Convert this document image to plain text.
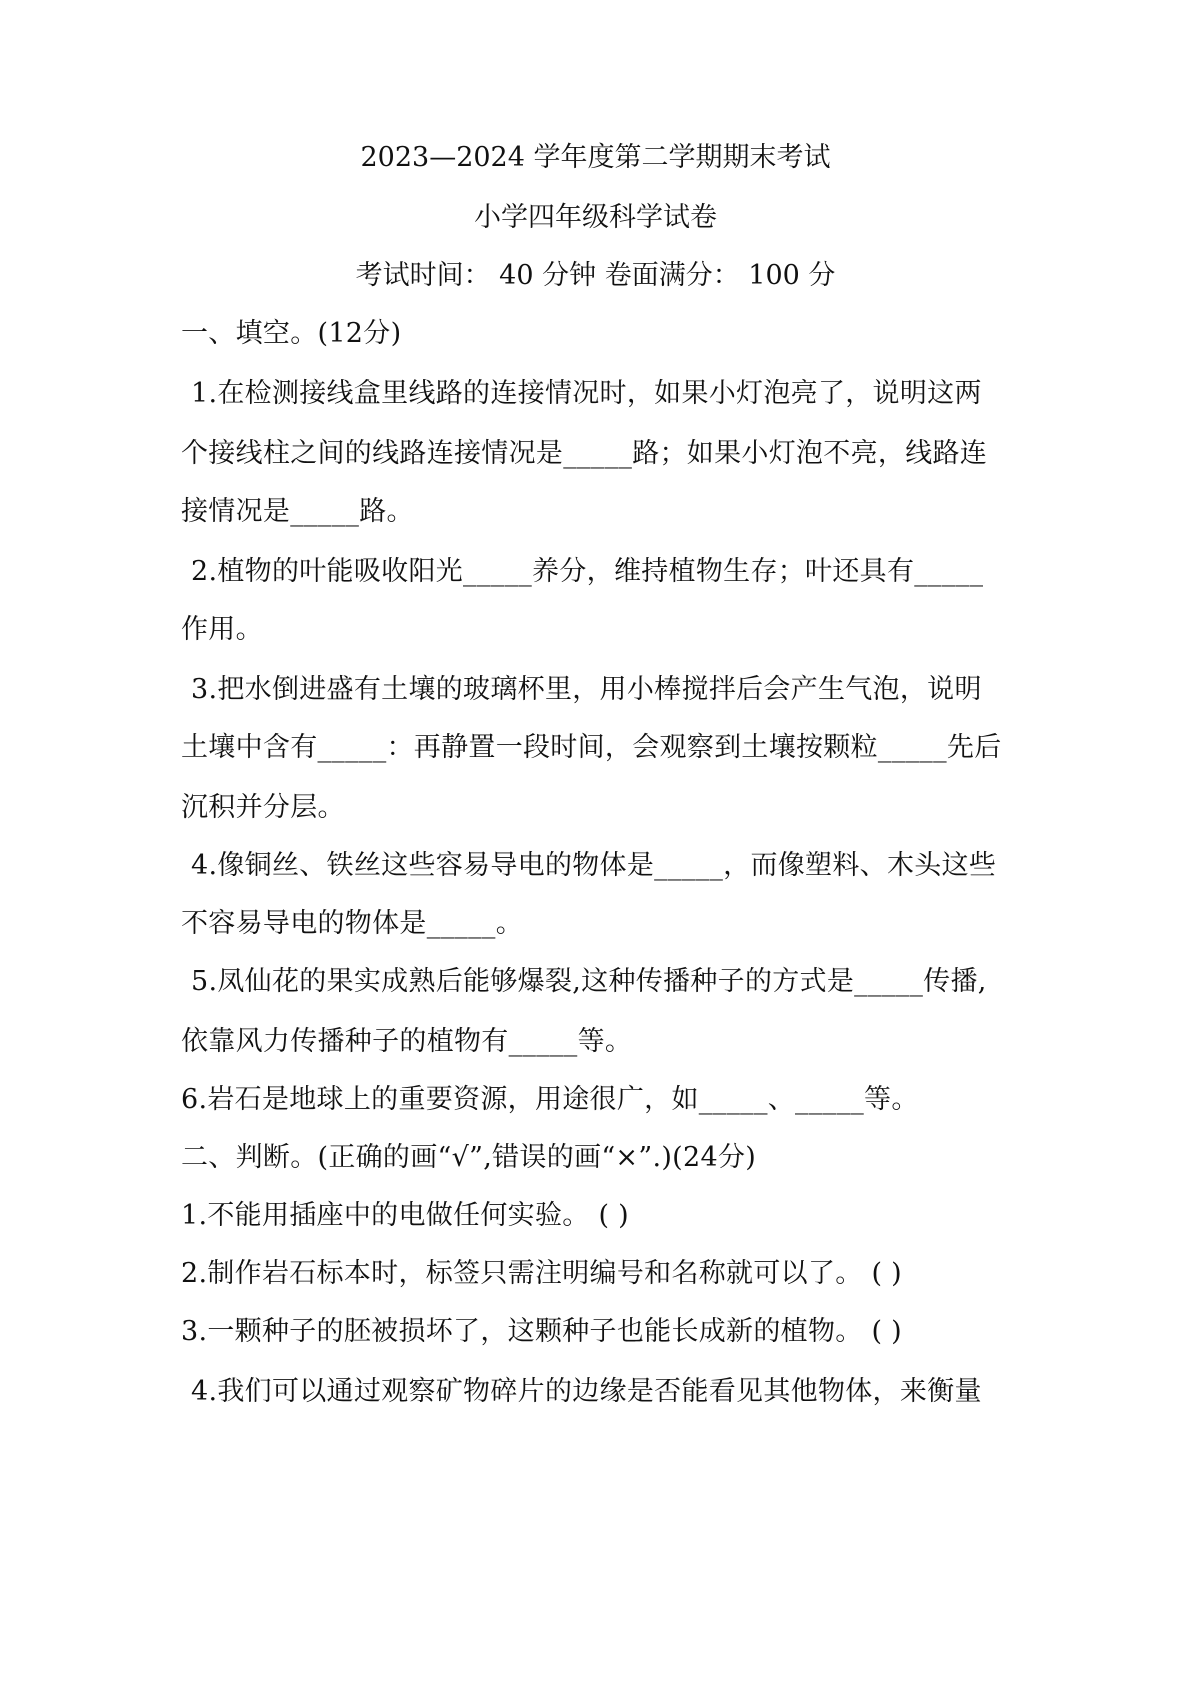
2023—2024 学年度第二学期期末考试
小学四年级科学试卷
考试时间： 40 分钟 卷面满分： 100 分
一、填空。(12分)
1.在检测接线盒里线路的连接情况时，如果小灯泡亮了，说明这两
个接线柱之间的线路连接情况是_____路；如果小灯泡不亮，线路连
接情况是_____路。
2.植物的叶能吸收阳光_____养分，维持植物生存；叶还具有_____
作用。
3.把水倒进盛有土壤的玻璃杯里，用小棒搅拌后会产生气泡，说明
土壤中含有_____：再静置一段时间，会观察到土壤按颗粒_____先后
沉积并分层。
4.像铜丝、铁丝这些容易导电的物体是_____，而像塑料、木头这些
不容易导电的物体是_____。
5.凤仙花的果实成熟后能够爆裂,这种传播种子的方式是_____传播,
依靠风力传播种子的植物有_____等。
6.岩石是地球上的重要资源，用途很广，如_____、_____等。
二、判断。(正确的画“√”,错误的画“×”.)(24分)
1.不能用插座中的电做任何实验。 ( )
2.制作岩石标本时，标签只需注明编号和名称就可以了。 ( )
3.一颗种子的胚被损坏了，这颗种子也能长成新的植物。 ( )
4.我们可以通过观察矿物碎片的边缘是否能看见其他物体，来衡量
